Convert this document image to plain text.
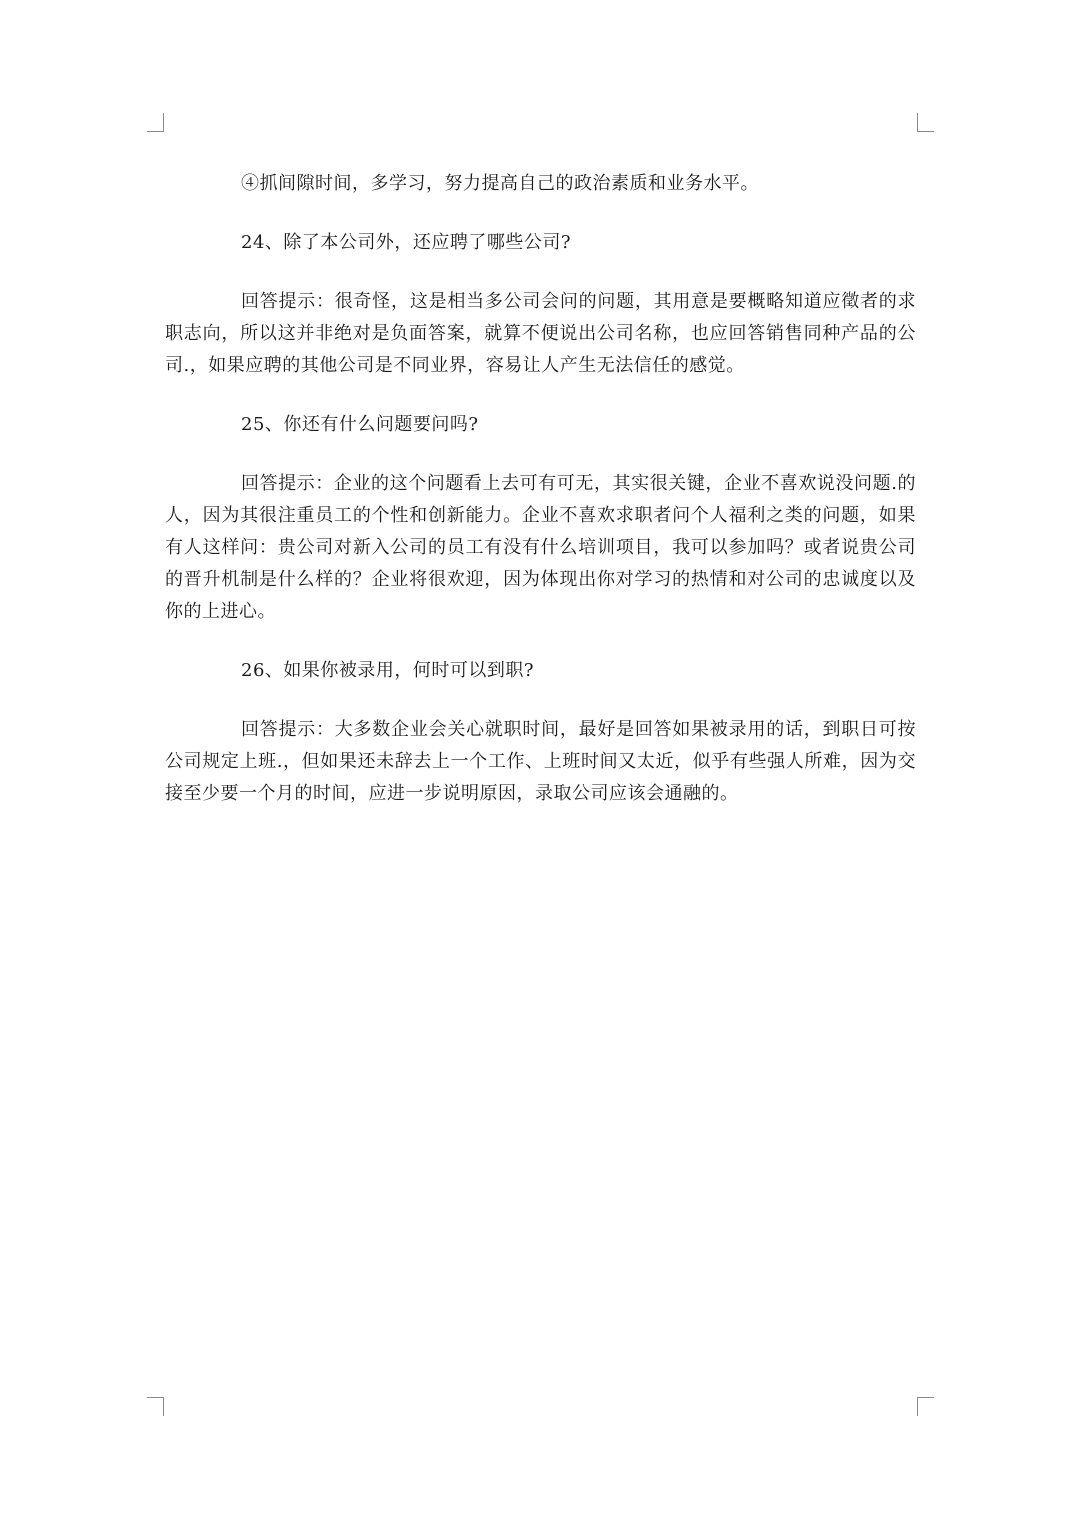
④抓间隙时间，多学习，努力提高自己的政治素质和业务水平。

24、除了本公司外，还应聘了哪些公司?

回答提示：很奇怪，这是相当多公司会问的问题，其用意是要概略知道应徵者的求职志向，所以这并非绝对是负面答案，就算不便说出公司名称，也应回答销售同种产品的公司.，如果应聘的其他公司是不同业界，容易让人产生无法信任的感觉。

25、你还有什么问题要问吗?

回答提示：企业的这个问题看上去可有可无，其实很关键，企业不喜欢说没问题.的人，因为其很注重员工的个性和创新能力。企业不喜欢求职者问个人福利之类的问题，如果有人这样问：贵公司对新入公司的员工有没有什么培训项目，我可以参加吗？或者说贵公司的晋升机制是什么样的？企业将很欢迎，因为体现出你对学习的热情和对公司的忠诚度以及你的上进心。

26、如果你被录用，何时可以到职?

回答提示：大多数企业会关心就职时间，最好是回答如果被录用的话，到职日可按公司规定上班.，但如果还未辞去上一个工作、上班时间又太近，似乎有些强人所难，因为交接至少要一个月的时间，应进一步说明原因，录取公司应该会通融的。
